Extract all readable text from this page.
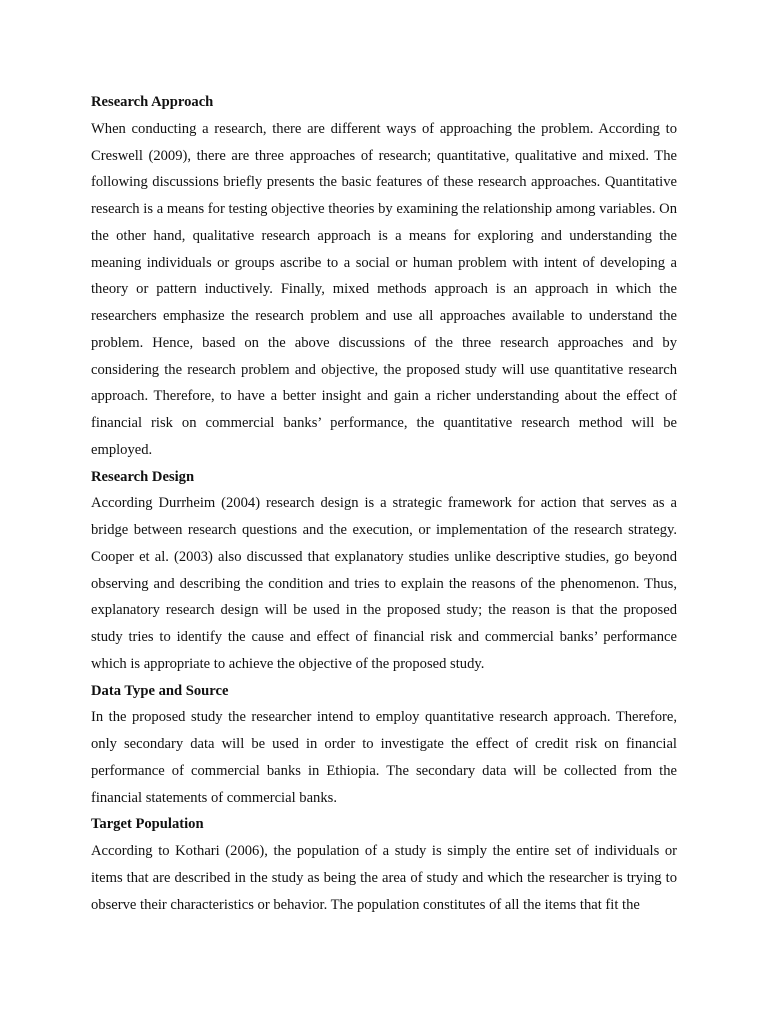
Research Approach
When conducting a research, there are different ways of approaching the problem. According to Creswell (2009), there are three approaches of research; quantitative, qualitative and mixed. The following discussions briefly presents the basic features of these research approaches. Quantitative research is a means for testing objective theories by examining the relationship among variables. On the other hand, qualitative research approach is a means for exploring and understanding the meaning individuals or groups ascribe to a social or human problem with intent of developing a theory or pattern inductively. Finally, mixed methods approach is an approach in which the researchers emphasize the research problem and use all approaches available to understand the problem. Hence, based on the above discussions of the three research approaches and by considering the research problem and objective, the proposed study will use quantitative research approach. Therefore, to have a better insight and gain a richer understanding about the effect of financial risk on commercial banks’ performance, the quantitative research method will be employed.
Research Design
According Durrheim (2004) research design is a strategic framework for action that serves as a bridge between research questions and the execution, or implementation of the research strategy. Cooper et al. (2003) also discussed that explanatory studies unlike descriptive studies, go beyond observing and describing the condition and tries to explain the reasons of the phenomenon. Thus, explanatory research design will be used in the proposed study; the reason is that the proposed study tries to identify the cause and effect of financial risk and commercial banks’ performance which is appropriate to achieve the objective of the proposed study.
Data Type and Source
In the proposed study the researcher intend to employ quantitative research approach. Therefore, only secondary data will be used in order to investigate the effect of credit risk on financial performance of commercial banks in Ethiopia. The secondary data will be collected from the financial statements of commercial banks.
Target Population
According to Kothari (2006), the population of a study is simply the entire set of individuals or items that are described in the study as being the area of study and which the researcher is trying to observe their characteristics or behavior. The population constitutes of all the items that fit the
